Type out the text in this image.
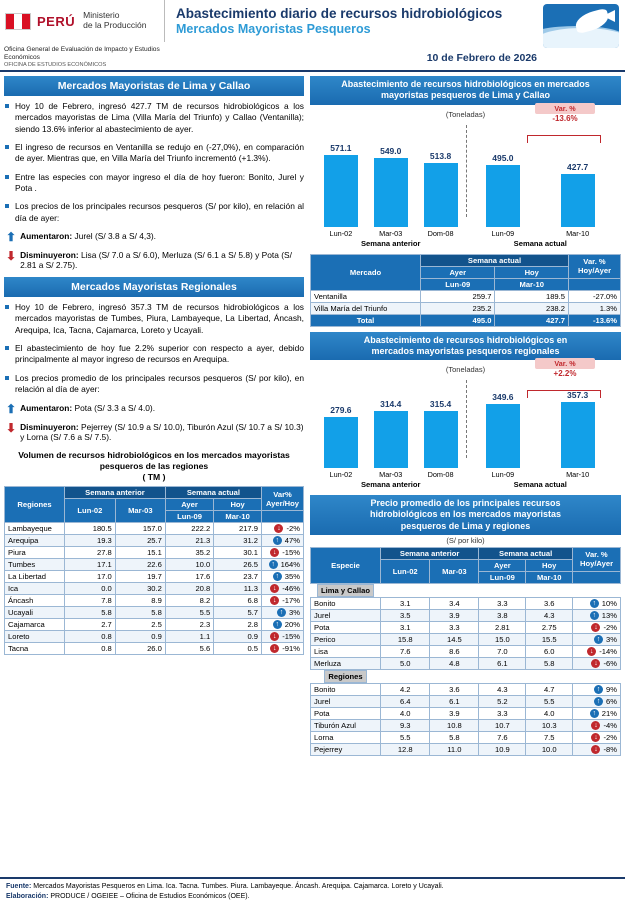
PERÚ Ministerio
de la Producción
Oficina General de Evaluación de Impacto y Estudios Económicos
OFICINA DE ESTUDIOS ECONÓMICOS
Abastecimiento diario de recursos hidrobiológicos
Mercados Mayoristas Pesqueros
10 de Febrero de 2026
Mercados Mayoristas de Lima y Callao
Hoy 10 de Febrero, ingresó 427.7 TM de recursos hidrobiológicos a los mercados mayoristas de Lima (Villa María del Triunfo) y Callao (Ventanilla); siendo 13.6% inferior al abastecimiento de ayer.
El ingreso de recursos en Ventanilla se redujo en (-27,0%), en comparación de ayer. Mientras que, en Villa María del Triunfo incrementó (+1.3%).
Entre las especies con mayor ingreso el día de hoy fueron: Bonito, Jurel y Pota .
Los precios de los principales recursos pesqueros (S/ por kilo), en relación al día de ayer:
⬆ Aumentaron: Jurel (S/ 3.8 a S/ 4,3).
⬇ Disminuyeron: Lisa (S/ 7.0 a S/ 6.0), Merluza (S/ 6.1 a S/ 5.8) y Pota (S/ 2.81 a S/ 2.75).
Mercados Mayoristas Regionales
Hoy 10 de Febrero, ingresó 357.3 TM de recursos hidrobiológicos a los mercados mayoristas de Tumbes, Piura, Lambayeque, La Libertad, Áncash, Arequipa, Ica, Tacna, Cajamarca, Loreto y Ucayali.
El abastecimiento de hoy fue 2.2% superior con respecto a ayer, debido principalmente al mayor ingreso de recursos en Arequipa.
Los precios promedio de los principales recursos pesqueros (S/ por kilo), en relación al día de ayer:
⬆ Aumentaron: Pota (S/ 3.3 a S/ 4.0).
⬇ Disminuyeron: Pejerrey (S/ 10.9 a S/ 10.0), Tiburón Azul (S/ 10.7 a S/ 10.3) y Lorna (S/ 7.6 a S/ 7.5).
Volumen de recursos hidrobiológicos en los mercados mayoristas pesqueros de las regiones
( TM )
Regiones	Semana anterior		Semana actual		Var%
Ayer/Hoy
	Lun-02	Mar-03	Ayer	Hoy	
			Lun-09	Mar-10	
Lambayeque	180.5	157.0	222.2	217.9	↓ -2%

Arequipa	19.3	25.7	21.3	31.2	↑ 47%

Piura	27.8	15.1	35.2	30.1	↓ -15%

Tumbes	17.1	22.6	10.0	26.5	↑ 164%

La Libertad	17.0	19.7	17.6	23.7	↑ 35%

Ica	0.0	30.2	20.8	11.3	↓ -46%

Áncash	7.8	8.9	8.2	6.8	↓ -17%

Ucayali	5.8	5.8	5.5	5.7	↑ 3%

Cajamarca	2.7	2.5	2.3	2.8	↑ 20%

Loreto	0.8	0.9	1.1	0.9	↓ -15%

Tacna	0.8	26.0	5.6	0.5	↓ -91%
Abastecimiento de recursos hidrobiológicos en mercados
mayoristas pesqueros de Lima y Callao
(Toneladas)
Var. %
-13.6%
571.1	549.0	513.8	495.0
427.7
Lun-02	Mar-03	Dom-08	Lun-09	Mar-10
Semana anterior	Semana actual
Mercado	Semana actual		Var. %
Hoy/Ayer
	Ayer	Hoy	
	Lun-09	Mar-10	
Ventanilla	259.7	189.5	-27.0%
Villa María del Triunfo	235.2	238.2	1.3%
Total	495.0	427.7	-13.6%
Abastecimiento de recursos hidrobiológicos en
mercados mayoristas pesqueros regionales
(Toneladas)
Var. %
+2.2%
279.6
314.4	315.4
349.6	357.3
Lun-02	Mar-03	Dom-08	Lun-09	Mar-10
Semana anterior	Semana actual
Precio promedio de los principales recursos
hidrobiológicos en los mercados mayoristas
pesqueros de Lima y regiones
(S/ por kilo)
Especie	Semana anterior	Semana actual	Var. %
Hoy/Ayer
Lun-02	Mar-03	Ayer	Hoy
Lun-09	Mar-10	

Lima y Callao
Bonito	3.1	3.4	3.3	3.6	↑ 10%

Jurel	3.5	3.9	3.8	4.3	↑ 13%

Pota	3.1	3.3	2.81	2.75	↓ -2%

Perico	15.8	14.5	15.0	15.5	↑ 3%

Lisa	7.6	8.6	7.0	6.0	↓ -14%

Merluza	5.0	4.8	6.1	5.8	↓ -6%

Regiones
Bonito	4.2	3.6	4.3	4.7	↑ 9%

Jurel	6.4	6.1	5.2	5.5	↑ 6%

Pota	4.0	3.9	3.3	4.0	↑ 21%

Tiburón Azul	9.3	10.8	10.7	10.3	↓ -4%

Lorna	5.5	5.8	7.6	7.5	↓ -2%

Pejerrey	12.8	11.0	10.9	10.0	↓ -8%
Fuente: Mercados Mayoristas Pesqueros en Lima. Ica. Tacna. Tumbes. Piura. Lambayeque. Áncash. Arequipa. Cajamarca. Loreto y Ucayali.
Elaboración: PRODUCE / OGEIEE – Oficina de Estudios Económicos (OEE).
